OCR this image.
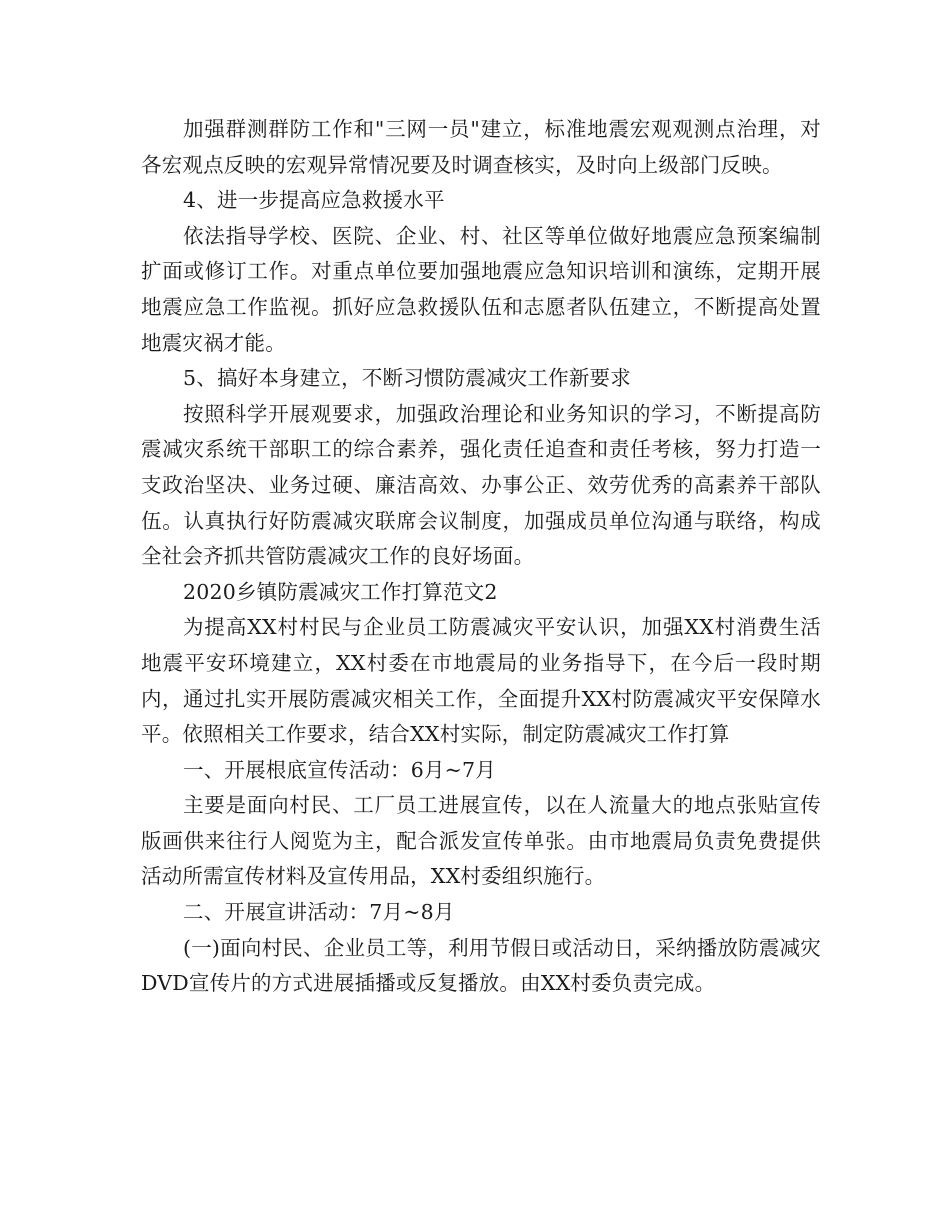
加强群测群防工作和"三网一员"建立，标准地震宏观观测点治理，对各宏观点反映的宏观异常情况要及时调查核实，及时向上级部门反映。

4、进一步提高应急救援水平

依法指导学校、医院、企业、村、社区等单位做好地震应急预案编制扩面或修订工作。对重点单位要加强地震应急知识培训和演练，定期开展地震应急工作监视。抓好应急救援队伍和志愿者队伍建立，不断提高处置地震灾祸才能。

5、搞好本身建立，不断习惯防震减灾工作新要求

按照科学开展观要求，加强政治理论和业务知识的学习，不断提高防震减灾系统干部职工的综合素养，强化责任追查和责任考核，努力打造一支政治坚决、业务过硬、廉洁高效、办事公正、效劳优秀的高素养干部队伍。认真执行好防震减灾联席会议制度，加强成员单位沟通与联络，构成全社会齐抓共管防震减灾工作的良好场面。

2020乡镇防震减灾工作打算范文2

为提高XX村村民与企业员工防震减灾平安认识，加强XX村消费生活地震平安环境建立，XX村委在市地震局的业务指导下，在今后一段时期内，通过扎实开展防震减灾相关工作，全面提升XX村防震减灾平安保障水平。依照相关工作要求，结合XX村实际，制定防震减灾工作打算

一、开展根底宣传活动：6月~7月

主要是面向村民、工厂员工进展宣传，以在人流量大的地点张贴宣传版画供来往行人阅览为主，配合派发宣传单张。由市地震局负责免费提供活动所需宣传材料及宣传用品，XX村委组织施行。

二、开展宣讲活动：7月~8月

(一)面向村民、企业员工等，利用节假日或活动日，采纳播放防震减灾DVD宣传片的方式进展插播或反复播放。由XX村委负责完成。
